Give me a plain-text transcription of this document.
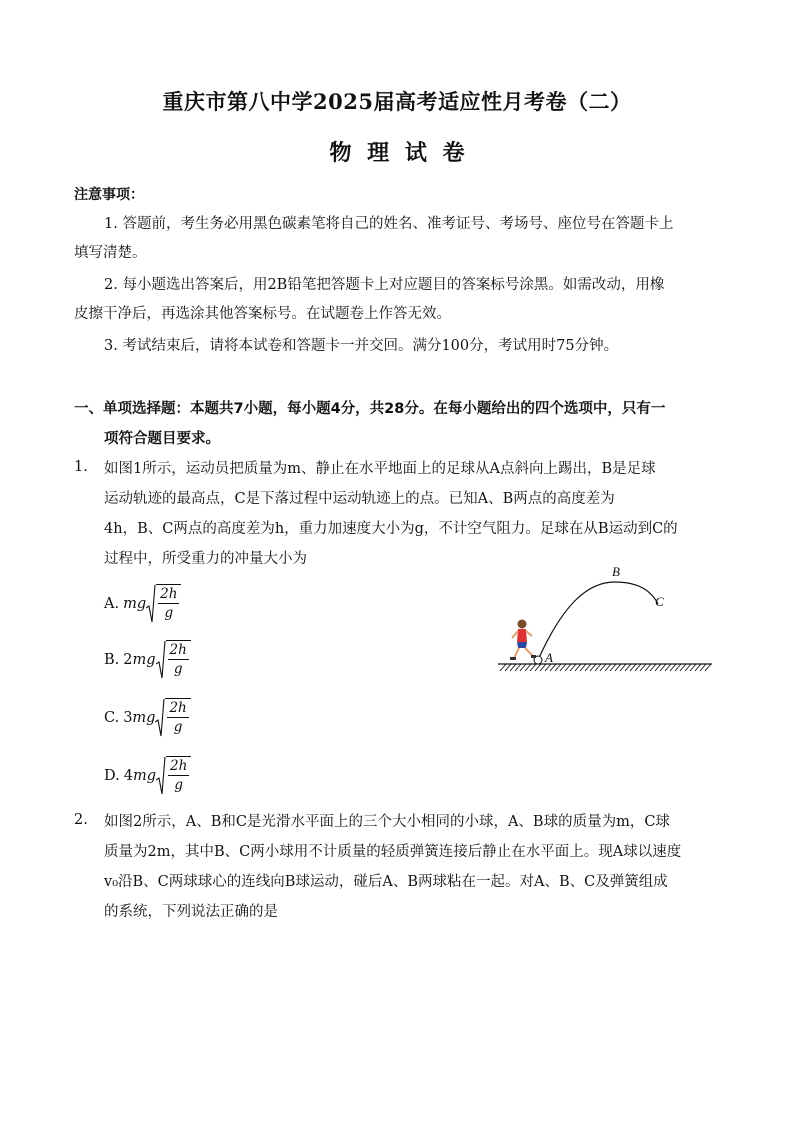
重庆市第八中学2025届高考适应性月考卷（二）
物 理 试 卷
注意事项：
1. 答题前，考生务必用黑色碳素笔将自己的姓名、准考证号、考场号、座位号在答题卡上
填写清楚。
2. 每小题选出答案后，用2B铅笔把答题卡上对应题目的答案标号涂黑。如需改动，用橡
皮擦干净后，再选涂其他答案标号。在试题卷上作答无效。
3. 考试结束后，请将本试卷和答题卡一并交回。满分100分，考试用时75分钟。
一、单项选择题：本题共7小题，每小题4分，共28分。在每小题给出的四个选项中，只有一
项符合题目要求。
1. 如图1所示，运动员把质量为m、静止在水平地面上的足球从A点斜向上踢出，B是足球
运动轨迹的最高点，C是下落过程中运动轨迹上的点。已知A、B两点的高度差为
4h，B、C两点的高度差为h，重力加速度大小为g，不计空气阻力。足球在从B运动到C的
过程中，所受重力的冲量大小为
A. mg $\frac{2h}{g}$
B. 2 mg $\frac{2h}{g}$
C. 3 mg $\frac{2h}{g}$
D. 4 mg $\frac{2h}{g}$
A
B
C
2. 如图2所示，A、B和C是光滑水平面上的三个大小相同的小球，A、B球的质量为m，C球
质量为2m，其中B、C两小球用不计质量的轻质弹簧连接后静止在水平面上。现A球以速度
v₀沿B、C两球球心的连线向B球运动，碰后A、B两球粘在一起。对A、B、C及弹簧组成
的系统，下列说法正确的是
